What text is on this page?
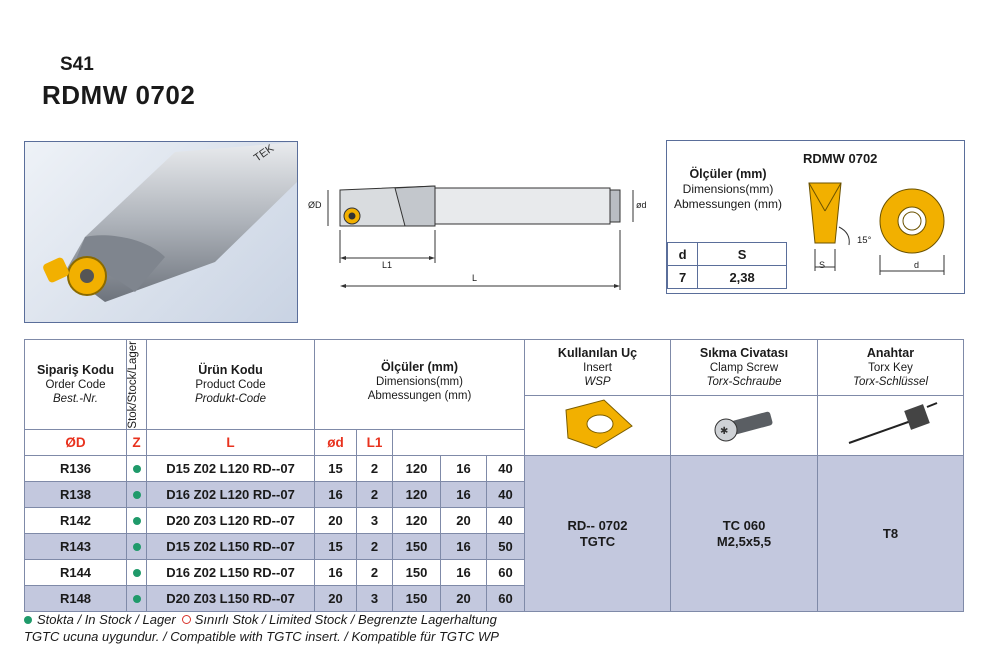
S41
RDMW 0702
TEK
ØD	ød
L1
L
RDMW 0702
Ölçüler (mm)
Dimensions(mm)
Abmessungen (mm)
d	S
7	2,38
15°
S	d
Sipariş Kodu
Order Code
Best.-Nr.	Stok/Stock/Lager	Ürün Kodu
Product Code
Produkt-Code	Ölçüler (mm)
Dimensions(mm)
Abmessungen (mm)					Kullanılan Uç
Insert
WSP	Sıkma Civatası
Clamp Screw
Torx-Schraube	Anahtar
Torx Key
Torx-Schlüssel

✱

ØD	Z	L	ød	L1						
R136		D15 Z02 L120 RD--07	15	2	120	16	40	RD-- 0702
TGTC	TC 060
M2,5x5,5	T8
R138		D16 Z02 L120 RD--07	16	2	120	16	40			
R142		D20 Z03 L120 RD--07	20	3	120	20	40			
R143		D15 Z02 L150 RD--07	15	2	150	16	50			
R144		D16 Z02 L150 RD--07	16	2	150	16	60			
R148		D20 Z03 L150 RD--07	20	3	150	20	60			
Stokta / In Stock / Lager Sınırlı Stok / Limited Stock / Begrenzte Lagerhaltung
TGTC ucuna uygundur. / Compatible with TGTC insert. / Kompatible für TGTC WP
